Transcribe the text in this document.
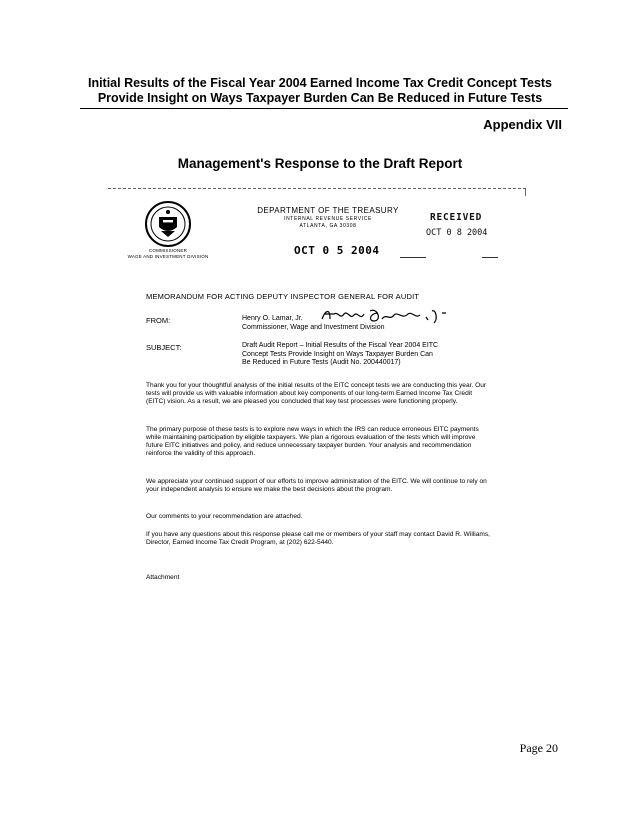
Initial Results of the Fiscal Year 2004 Earned Income Tax Credit Concept Tests
Provide Insight on Ways Taxpayer Burden Can Be Reduced in Future Tests
Appendix VII
Management's Response to the Draft Report
COMMISSIONER
WAGE AND INVESTMENT DIVISION
DEPARTMENT OF THE TREASURY
INTERNAL REVENUE SERVICE
ATLANTA, GA 30308
RECEIVED
OCT 0 8 2004
OCT 0 5 2004
MEMORANDUM FOR ACTING DEPUTY INSPECTOR GENERAL FOR AUDIT
FROM:	Henry O. Lamar, Jr.
Commissioner, Wage and Investment Division
SUBJECT:	Draft Audit Report – Initial Results of the Fiscal Year 2004 EITC
Concept Tests Provide Insight on Ways Taxpayer Burden Can
Be Reduced in Future Tests (Audit No. 200440017)

Thank you for your thoughtful analysis of the initial results of the EITC concept tests we are conducting this year. Our tests will provide us with valuable information about key components of our long-term Earned Income Tax Credit (EITC) vision. As a result, we are pleased you concluded that key test processes were functioning properly.

The primary purpose of these tests is to explore new ways in which the IRS can reduce erroneous EITC payments while maintaining participation by eligible taxpayers. We plan a rigorous evaluation of the tests which will improve future EITC initiatives and policy, and reduce unnecessary taxpayer burden. Your analysis and recommendation reinforce the validity of this approach.

We appreciate your continued support of our efforts to improve administration of the EITC. We will continue to rely on your independent analysis to ensure we make the best decisions about the program.

Our comments to your recommendation are attached.

If you have any questions about this response please call me or members of your staff may contact David R. Williams, Director, Earned Income Tax Credit Program, at (202) 622-5440.

Attachment

Page 20
